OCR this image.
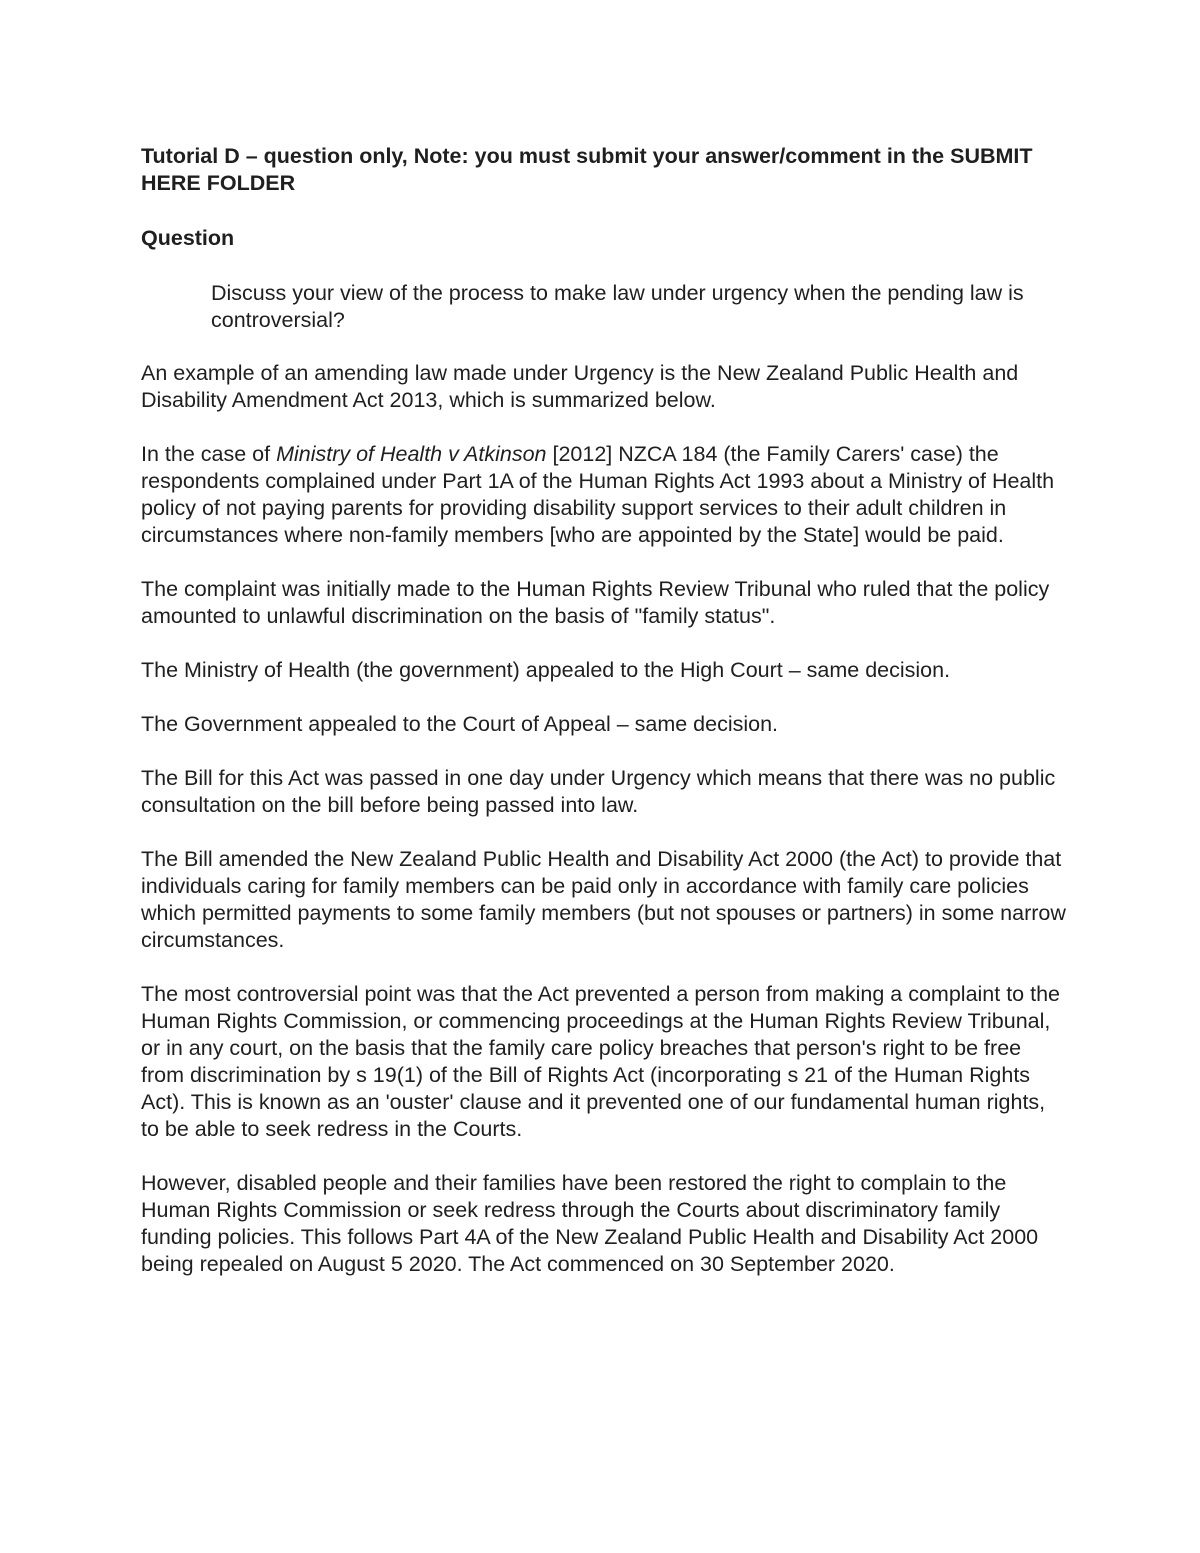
Tutorial D – question only, Note: you must submit your answer/comment in the SUBMIT HERE FOLDER
Question
Discuss your view of the process to make law under urgency when the pending law is controversial?

An example of an amending law made under Urgency is the New Zealand Public Health and Disability Amendment Act 2013, which is summarized below.

In the case of Ministry of Health v Atkinson [2012] NZCA 184 (the Family Carers' case) the respondents complained under Part 1A of the Human Rights Act 1993 about a Ministry of Health policy of not paying parents for providing disability support services to their adult children in circumstances where non-family members [who are appointed by the State] would be paid.

The complaint was initially made to the Human Rights Review Tribunal who ruled that the policy amounted to unlawful discrimination on the basis of "family status".

The Ministry of Health (the government) appealed to the High Court – same decision.

The Government appealed to the Court of Appeal – same decision.

The Bill for this Act was passed in one day under Urgency which means that there was no public consultation on the bill before being passed into law.

The Bill amended the New Zealand Public Health and Disability Act 2000 (the Act) to provide that individuals caring for family members can be paid only in accordance with family care policies which permitted payments to some family members (but not spouses or partners) in some narrow circumstances.

The most controversial point was that the Act prevented a person from making a complaint to the Human Rights Commission, or commencing proceedings at the Human Rights Review Tribunal, or in any court, on the basis that the family care policy breaches that person's right to be free from discrimination by s 19(1) of the Bill of Rights Act (incorporating s 21 of the Human Rights Act). This is known as an 'ouster' clause and it prevented one of our fundamental human rights, to be able to seek redress in the Courts.

However, disabled people and their families have been restored the right to complain to the Human Rights Commission or seek redress through the Courts about discriminatory family funding policies. This follows Part 4A of the New Zealand Public Health and Disability Act 2000 being repealed on August 5 2020. The Act commenced on 30 September 2020.
